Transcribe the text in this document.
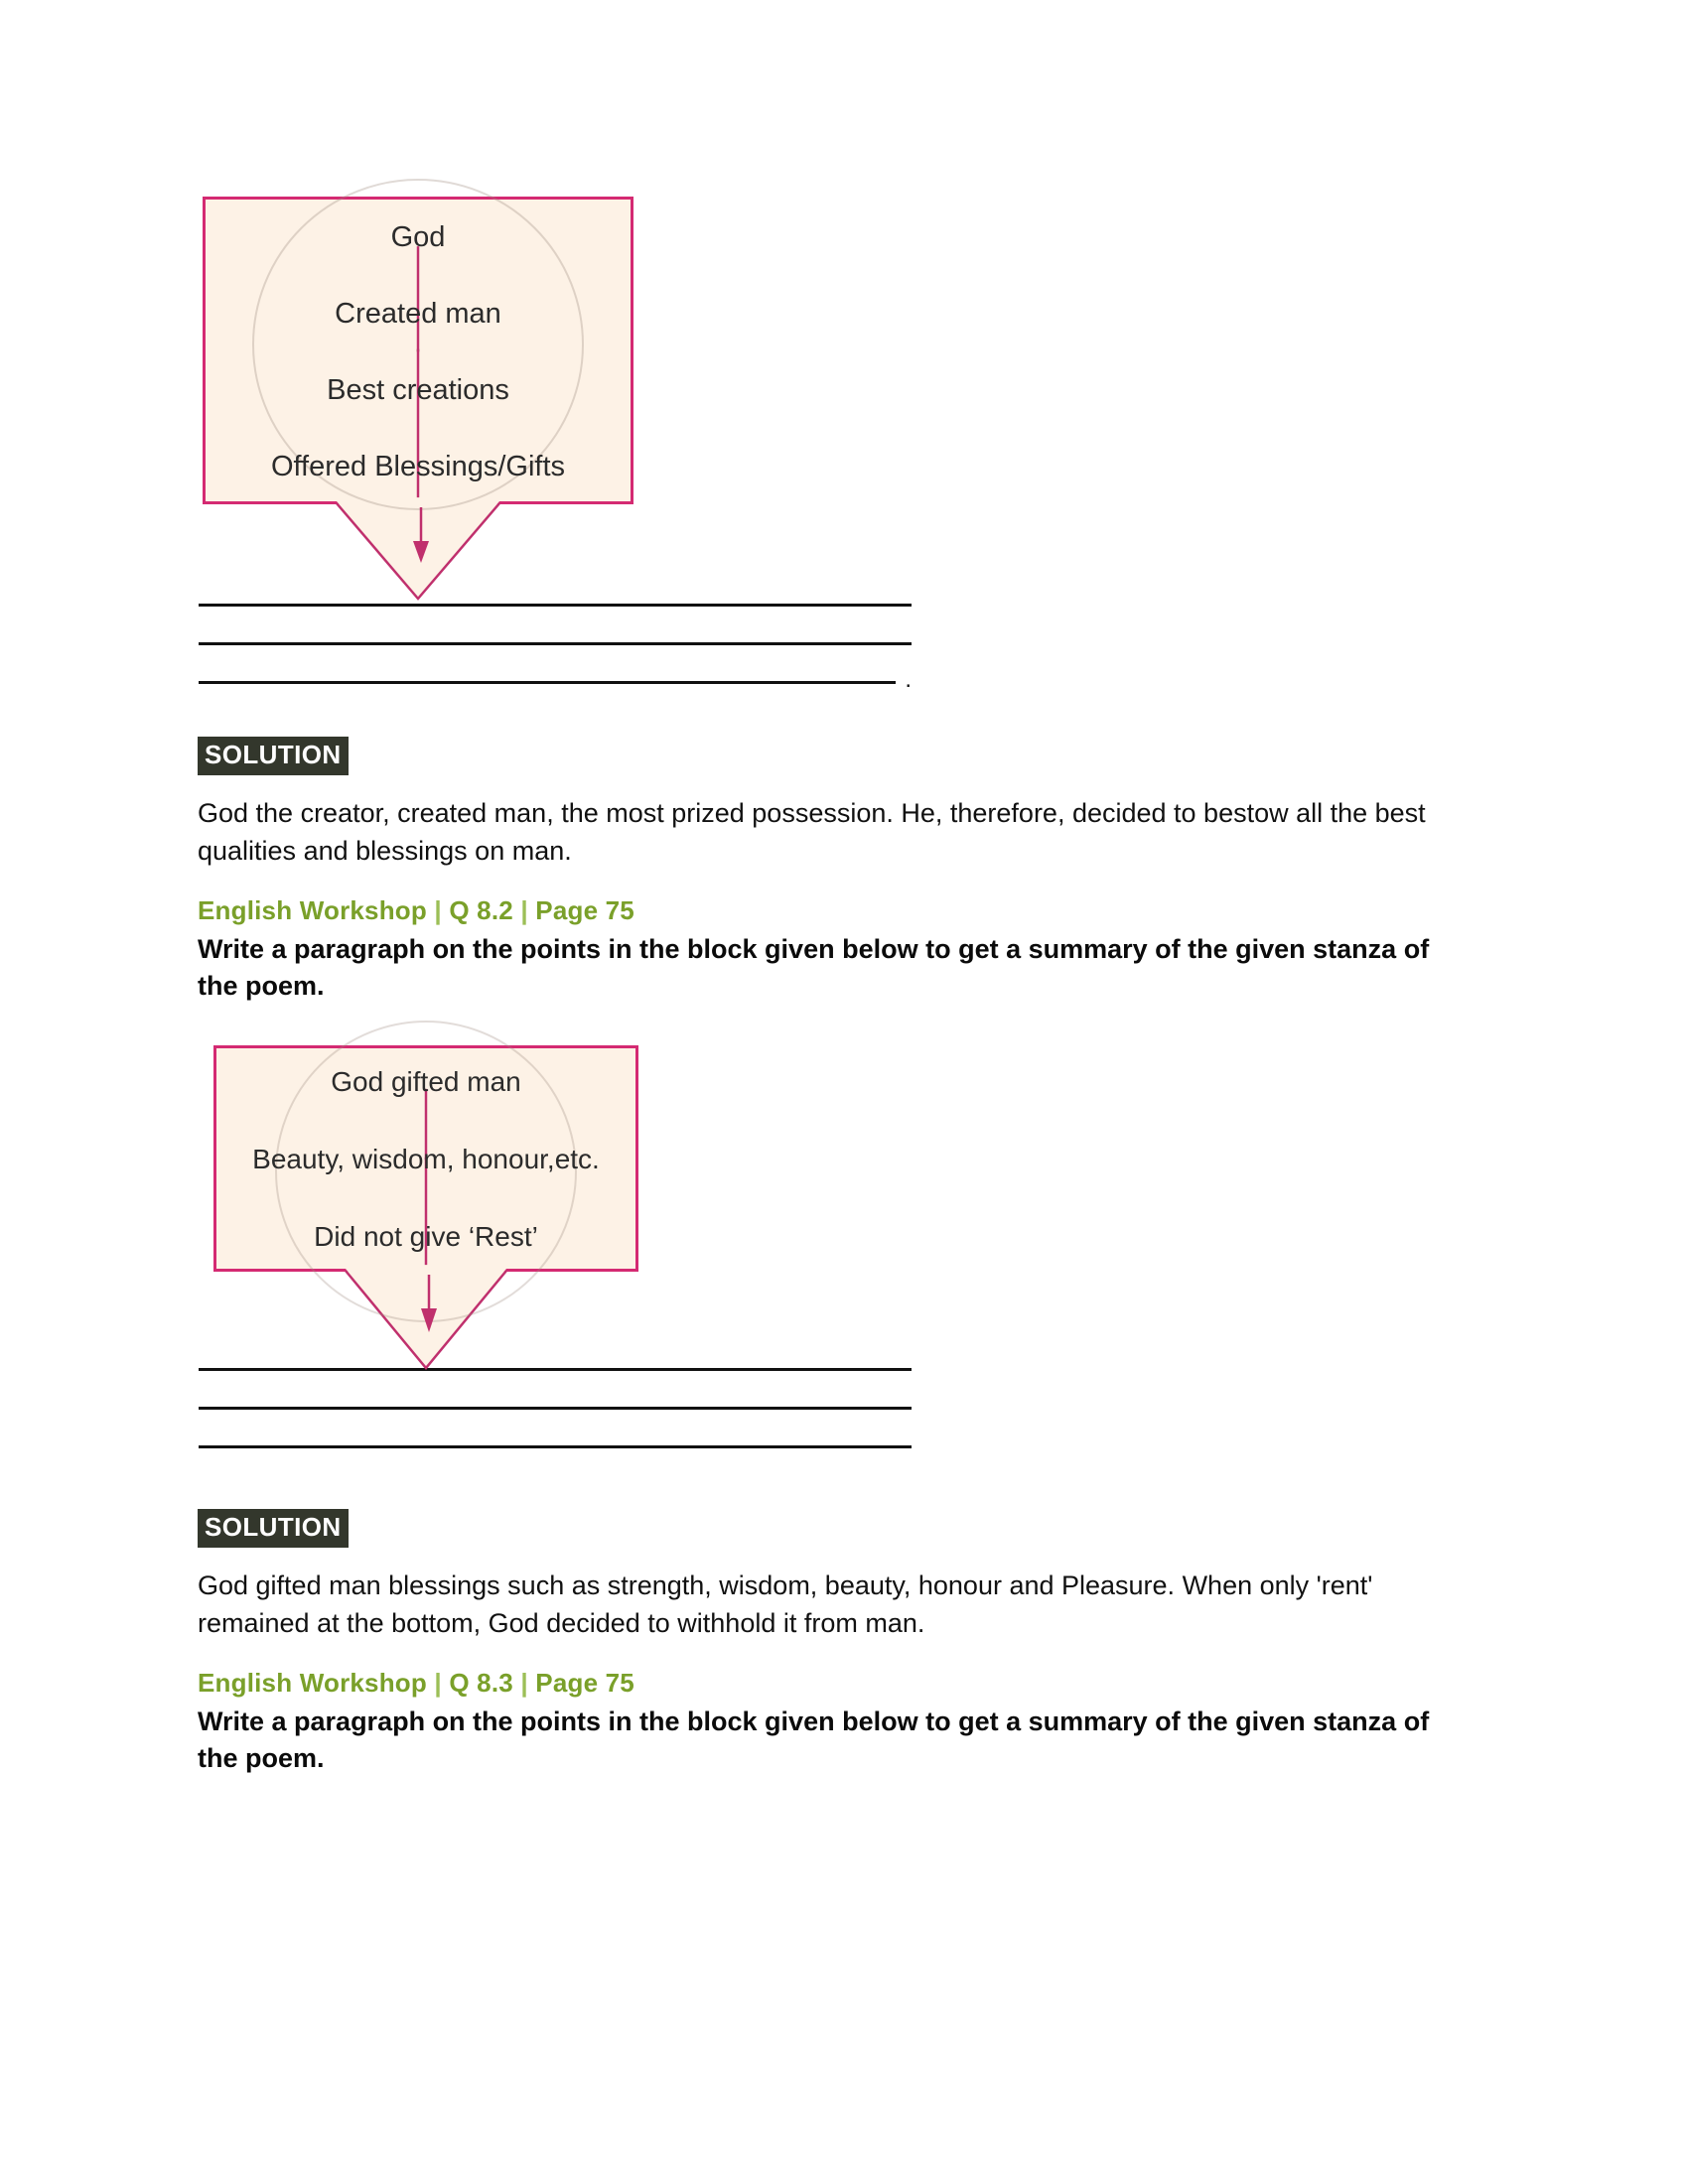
God
Created man
Best creations
Offered Blessings/Gifts
.
SOLUTION
God the creator, created man, the most prized possession. He, therefore, decided to bestow all the best qualities and blessings on man.
English Workshop | Q 8.2 | Page 75
Write a paragraph on the points in the block given below to get a summary of the given stanza of the poem.
God gifted man
Beauty, wisdom, honour,etc.
Did not give ‘Rest’
SOLUTION
God gifted man blessings such as strength, wisdom, beauty, honour and Pleasure. When only 'rent' remained at the bottom, God decided to withhold it from man.
English Workshop | Q 8.3 | Page 75
Write a paragraph on the points in the block given below to get a summary of the given stanza of the poem.
